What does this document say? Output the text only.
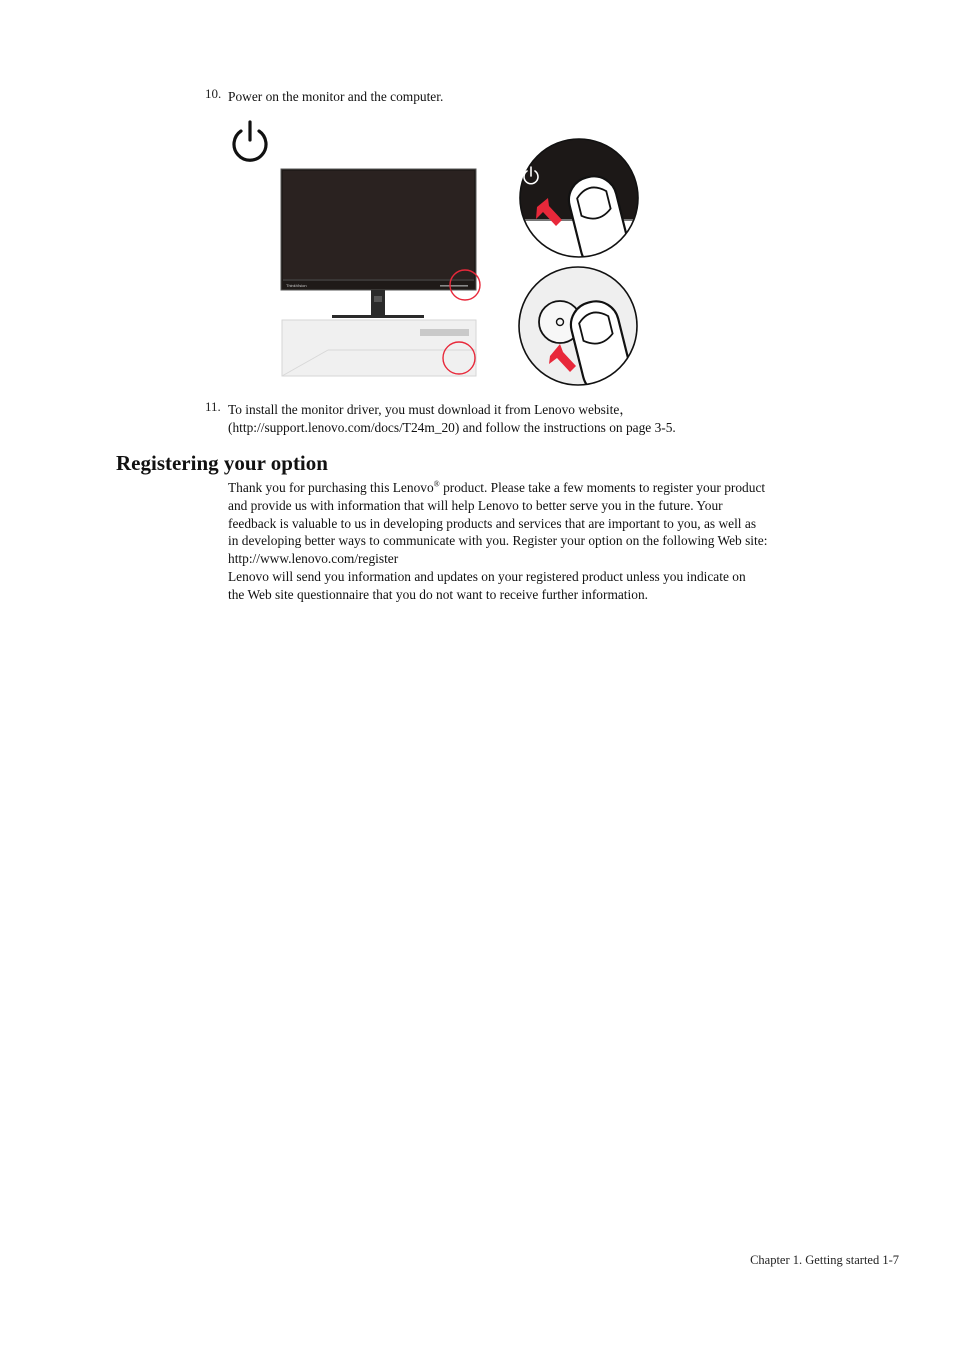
10. Power on the monitor and the computer.
ThinkVision
11. To install the monitor driver, you must download it from Lenovo website，
(http://support.lenovo.com/docs/T24m_20) and follow the instructions on page 3-5.
Registering your option
Thank you for purchasing this Lenovo® product. Please take a few moments to register your product
and provide us with information that will help Lenovo to better serve you in the future. Your
feedback is valuable to us in developing products and services that are important to you, as well as
in developing better ways to communicate with you. Register your option on the following Web site:
http://www.lenovo.com/register
Lenovo will send you information and updates on your registered product unless you indicate on
the Web site questionnaire that you do not want to receive further information.
Chapter 1. Getting started 1-7
